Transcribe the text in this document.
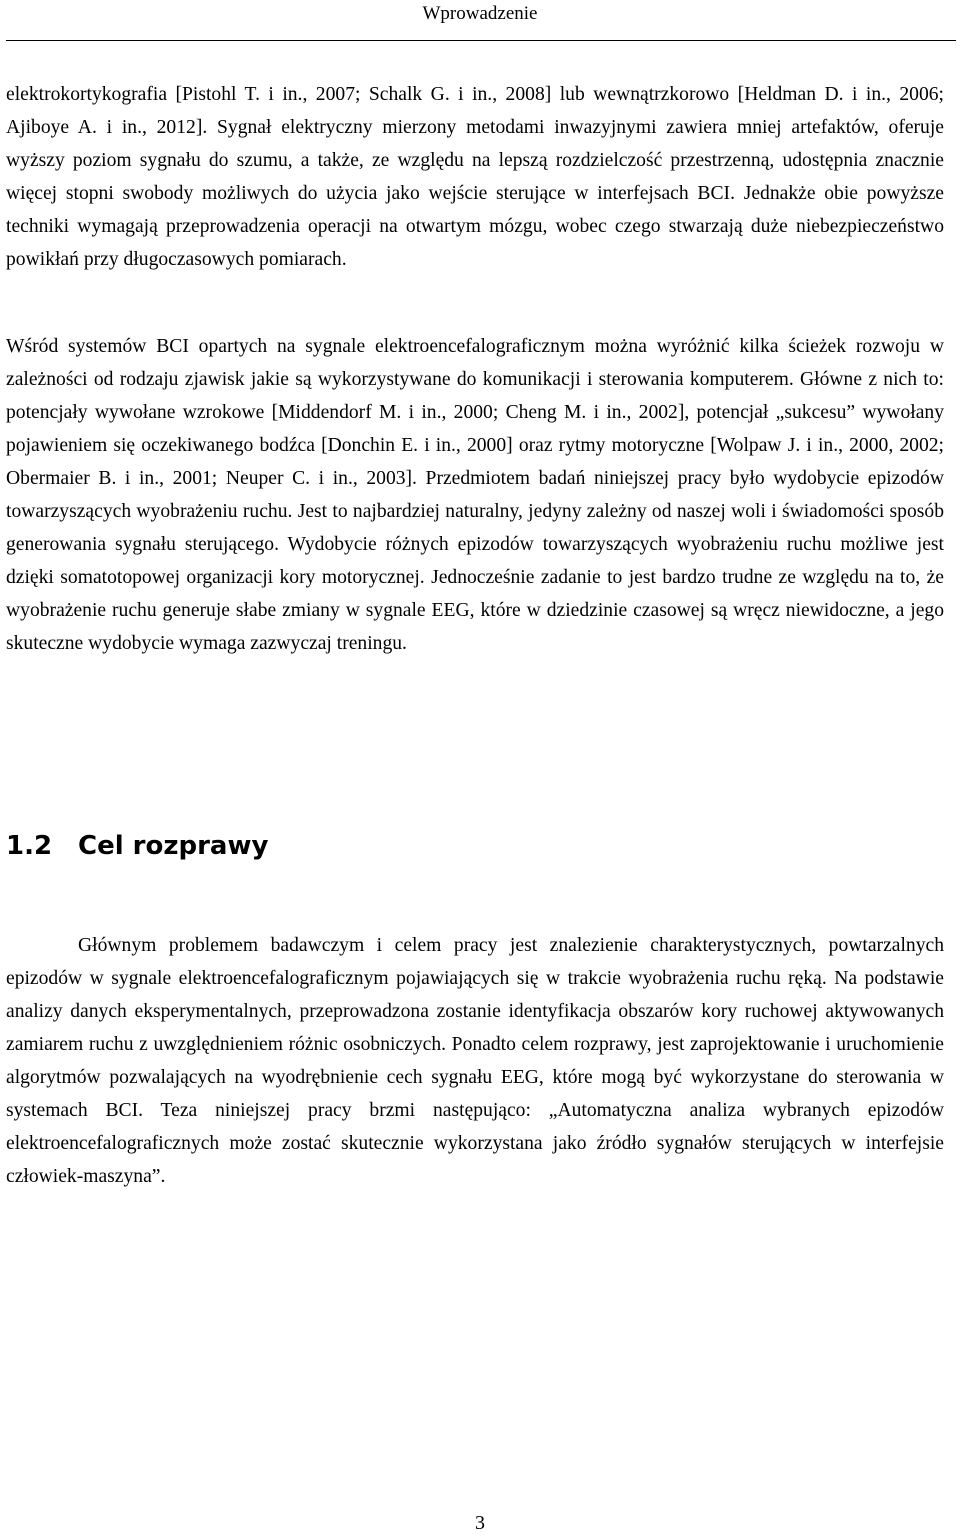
Wprowadzenie

elektrokortykografia [Pistohl T. i in., 2007; Schalk G. i in., 2008] lub wewnątrzkorowo [Heldman D. i in., 2006; Ajiboye A. i in., 2012]. Sygnał elektryczny mierzony metodami inwazyjnymi zawiera mniej artefaktów, oferuje wyższy poziom sygnału do szumu, a także, ze względu na lepszą rozdzielczość przestrzenną, udostępnia znacznie więcej stopni swobody możliwych do użycia jako wejście sterujące w interfejsach BCI. Jednakże obie powyższe techniki wymagają przeprowadzenia operacji na otwartym mózgu, wobec czego stwarzają duże niebezpieczeństwo powikłań przy długoczasowych pomiarach.

Wśród systemów BCI opartych na sygnale elektroencefalograficznym można wyróżnić kilka ścieżek rozwoju w zależności od rodzaju zjawisk jakie są wykorzystywane do komunikacji i sterowania komputerem. Główne z nich to: potencjały wywołane wzrokowe [Middendorf M. i in., 2000; Cheng M. i in., 2002], potencjał „sukcesu” wywołany pojawieniem się oczekiwanego bodźca [Donchin E. i in., 2000] oraz rytmy motoryczne [Wolpaw J. i in., 2000, 2002; Obermaier B. i in., 2001; Neuper C. i in., 2003]. Przedmiotem badań niniejszej pracy było wydobycie epizodów towarzyszących wyobrażeniu ruchu. Jest to najbardziej naturalny, jedyny zależny od naszej woli i świadomości sposób generowania sygnału sterującego. Wydobycie różnych epizodów towarzyszących wyobrażeniu ruchu możliwe jest dzięki somatotopowej organizacji kory motorycznej. Jednocześnie zadanie to jest bardzo trudne ze względu na to, że wyobrażenie ruchu generuje słabe zmiany w sygnale EEG, które w dziedzinie czasowej są wręcz niewidoczne, a jego skuteczne wydobycie wymaga zazwyczaj treningu.

1.2 Cel rozprawy

Głównym problemem badawczym i celem pracy jest znalezienie charakterystycznych, powtarzalnych epizodów w sygnale elektroencefalograficznym pojawiających się w trakcie wyobrażenia ruchu ręką. Na podstawie analizy danych eksperymentalnych, przeprowadzona zostanie identyfikacja obszarów kory ruchowej aktywowanych zamiarem ruchu z uwzględnieniem różnic osobniczych. Ponadto celem rozprawy, jest zaprojektowanie i uruchomienie algorytmów pozwalających na wyodrębnienie cech sygnału EEG, które mogą być wykorzystane do sterowania w systemach BCI. Teza niniejszej pracy brzmi następująco: „Automatyczna analiza wybranych epizodów elektroencefalograficznych może zostać skutecznie wykorzystana jako źródło sygnałów sterujących w interfejsie człowiek-maszyna”.

3
